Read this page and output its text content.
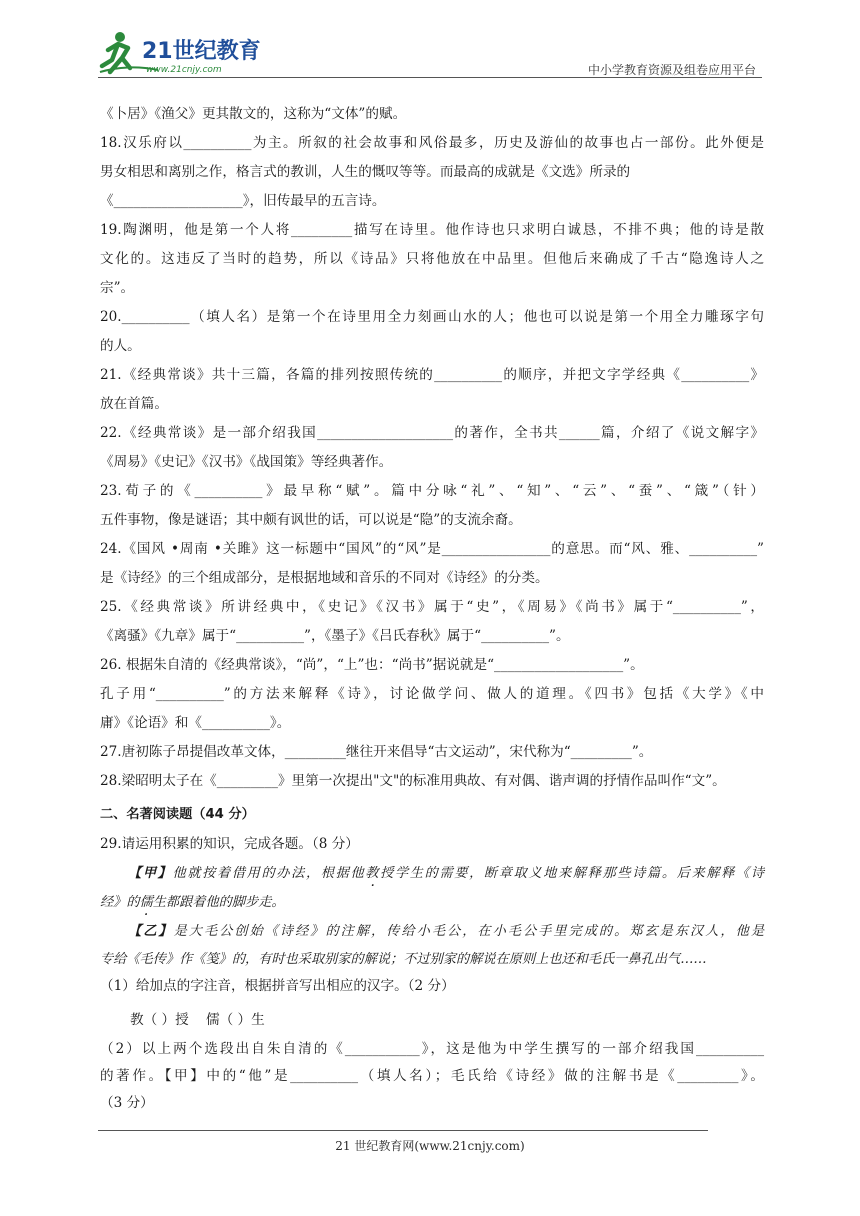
21世纪教育
www.21cnjy.com	中小学教育资源及组卷应用平台
《卜居》《渔父》更其散文的，这称为“文体”的赋。
18.汉乐府以__________为主。所叙的社会故事和风俗最多，历史及游仙的故事也占一部份。此外便是
男女相思和离别之作，格言式的教训，人生的慨叹等等。而最高的成就是《文选》所录的
《___________________》，旧传最早的五言诗。
19.陶渊明，他是第一个人将_________描写在诗里。他作诗也只求明白诚恳，不排不典；他的诗是散
文化的。这违反了当时的趋势，所以《诗品》只将他放在中品里。但他后来确成了千古“隐逸诗人之
宗”。
20.__________（填人名）是第一个在诗里用全力刻画山水的人；他也可以说是第一个用全力雕琢字句
的人。
21.《经典常谈》共十三篇，各篇的排列按照传统的__________的顺序，并把文字学经典《__________》
放在首篇。
22.《经典常谈》是一部介绍我国____________________的著作，全书共______篇，介绍了《说文解字》
《周易》《史记》《汉书》《战国策》等经典著作。
23.荀子的《__________》最早称“赋”。篇中分咏“礼”、“知”、“云”、“蚕”、“箴”（针）
五件事物，像是谜语；其中颇有讽世的话，可以说是“隐”的支流余裔。
24.《国风 •周南 •关雎》这一标题中“国风”的“风”是________________的意思。而“风、雅、__________”
是《诗经》的三个组成部分，是根据地域和音乐的不同对《诗经》的分类。
25.《经典常谈》所讲经典中，《史记》《汉书》属于“史”，《周易》《尚书》属于“__________”，
《离骚》《九章》属于“__________”，《墨子》《吕氏春秋》属于“__________”。
26. 根据朱自清的《经典常谈》，“尚”，“上”也：“尚书”据说就是“___________________”。
孔子用“__________”的方法来解释《诗》，讨论做学问、做人的道理。《四书》包括《大学》《中
庸》《论语》和《__________》。
27.唐初陈子昂提倡改革文体，_________继往开来倡导“古文运动”，宋代称为“_________”。
28.梁昭明太子在《_________》里第一次提出"文"的标准用典故、有对偶、谐声调的抒情作品叫作“文”。
二、名著阅读题（44 分）
29.请运用积累的知识，完成各题。（8 分）
【甲】他就按着借用的办法，根据他教授学生的需要，断章取义地来解释那些诗篇。后来解释《诗
经》的儒生都跟着他的脚步走。
【乙】是大毛公创始《诗经》的注解，传给小毛公，在小毛公手里完成的。郑玄是东汉人，他是
专给《毛传》作《笺》的，有时也采取别家的解说；不过别家的解说在原则上也还和毛氏一鼻孔出气……
（1）给加点的字注音，根据拼音写出相应的汉字。（2 分）
教（ ）授 儒（ ）生
（2）以上两个选段出自朱自清的《___________》，这是他为中学生撰写的一部介绍我国__________
的著作。【甲】中的“他”是__________（填人名）；毛氏给《诗经》做的注解书是《_________》。
（3 分）
21 世纪教育网(www.21cnjy.com)
